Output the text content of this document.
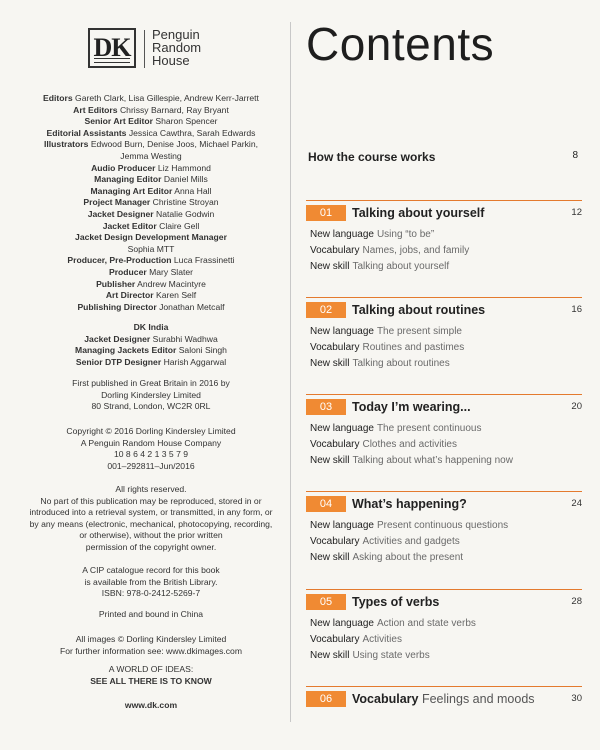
DK Penguin
Random
House
Editors Gareth Clark, Lisa Gillespie, Andrew Kerr-Jarrett
Art Editors Chrissy Barnard, Ray Bryant
Senior Art Editor Sharon Spencer
Editorial Assistants Jessica Cawthra, Sarah Edwards
Illustrators Edwood Burn, Denise Joos, Michael Parkin,
Jemma Westing
Audio Producer Liz Hammond
Managing Editor Daniel Mills
Managing Art Editor Anna Hall
Project Manager Christine Stroyan
Jacket Designer Natalie Godwin
Jacket Editor Claire Gell
Jacket Design Development Manager
Sophia MTT
Producer, Pre-Production Luca Frassinetti
Producer Mary Slater
Publisher Andrew Macintyre
Art Director Karen Self
Publishing Director Jonathan Metcalf
DK India
Jacket Designer Surabhi Wadhwa
Managing Jackets Editor Saloni Singh
Senior DTP Designer Harish Aggarwal
First published in Great Britain in 2016 by
Dorling Kindersley Limited
80 Strand, London, WC2R 0RL
Copyright © 2016 Dorling Kindersley Limited
A Penguin Random House Company
10 8 6 4 2 1 3 5 7 9
001–292811–Jun/2016
All rights reserved.
No part of this publication may be reproduced, stored in or
introduced into a retrieval system, or transmitted, in any form, or
by any means (electronic, mechanical, photocopying, recording,
or otherwise), without the prior written
permission of the copyright owner.
A CIP catalogue record for this book
is available from the British Library.
ISBN: 978-0-2412-5269-7
Printed and bound in China
All images © Dorling Kindersley Limited
For further information see: www.dkimages.com
A WORLD OF IDEAS:
SEE ALL THERE IS TO KNOW
www.dk.com
Contents
How the course works	8
01	Talking about yourself	12
New language Using “to be”
Vocabulary Names, jobs, and family
New skill Talking about yourself
02	Talking about routines	16
New language The present simple
Vocabulary Routines and pastimes
New skill Talking about routines
03	Today I’m wearing...	20
New language The present continuous
Vocabulary Clothes and activities
New skill Talking about what’s happening now
04	What’s happening?	24
New language Present continuous questions
Vocabulary Activities and gadgets
New skill Asking about the present
05	Types of verbs	28
New language Action and state verbs
Vocabulary Activities
New skill Using state verbs
06	Vocabulary Feelings and moods	30
